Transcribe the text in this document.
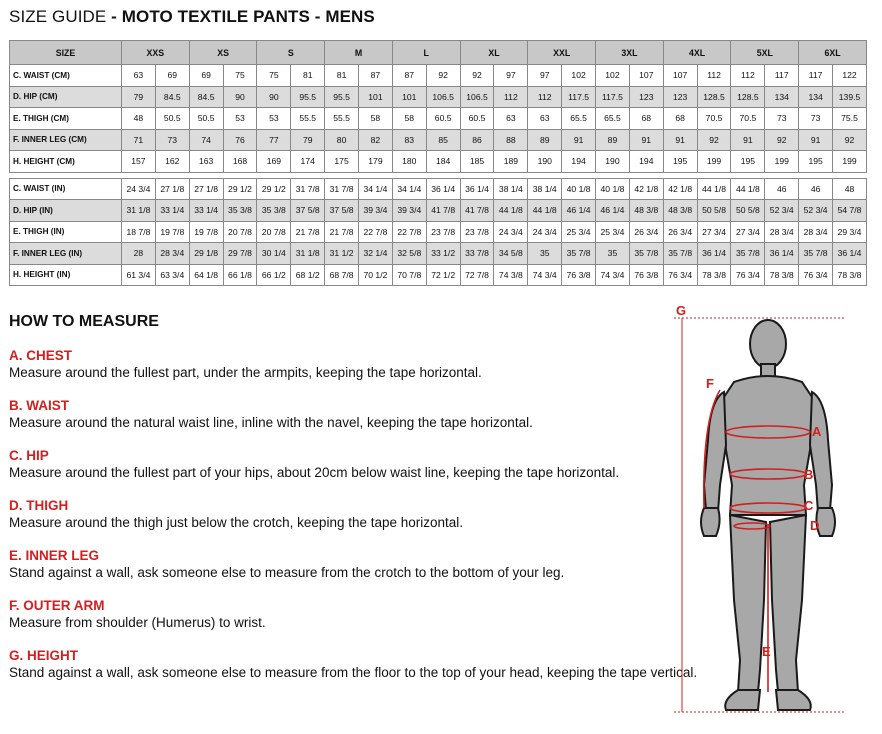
SIZE GUIDE - MOTO TEXTILE PANTS - MENS
SIZE	XXS		XS		S		M		L		XL		XXL		3XL		4XL		5XL		6XL	
C. WAIST (CM)	63	69	69	75	75	81	81	87	87	92	92	97	97	102	102	107	107	112	112	117	117	122
D. HIP (CM)	79	84.5	84.5	90	90	95.5	95.5	101	101	106.5	106.5	112	112	117.5	117.5	123	123	128.5	128.5	134	134	139.5
E. THIGH (CM)	48	50.5	50.5	53	53	55.5	55.5	58	58	60.5	60.5	63	63	65.5	65.5	68	68	70.5	70.5	73	73	75.5
F. INNER LEG (CM)	71	73	74	76	77	79	80	82	83	85	86	88	89	91	89	91	91	92	91	92	91	92
H. HEIGHT (CM)	157	162	163	168	169	174	175	179	180	184	185	189	190	194	190	194	195	199	195	199	195	199

C. WAIST (IN)	24 3/4	27 1/8	27 1/8	29 1/2	29 1/2	31 7/8	31 7/8	34 1/4	34 1/4	36 1/4	36 1/4	38 1/4	38 1/4	40 1/8	40 1/8	42 1/8	42 1/8	44 1/8	44 1/8	46	46	48
D. HIP (IN)	31 1/8	33 1/4	33 1/4	35 3/8	35 3/8	37 5/8	37 5/8	39 3/4	39 3/4	41 7/8	41 7/8	44 1/8	44 1/8	46 1/4	46 1/4	48 3/8	48 3/8	50 5/8	50 5/8	52 3/4	52 3/4	54 7/8
E. THIGH (IN)	18 7/8	19 7/8	19 7/8	20 7/8	20 7/8	21 7/8	21 7/8	22 7/8	22 7/8	23 7/8	23 7/8	24 3/4	24 3/4	25 3/4	25 3/4	26 3/4	26 3/4	27 3/4	27 3/4	28 3/4	28 3/4	29 3/4
F. INNER LEG (IN)	28	28 3/4	29 1/8	29 7/8	30 1/4	31 1/8	31 1/2	32 1/4	32 5/8	33 1/2	33 7/8	34 5/8	35	35 7/8	35	35 7/8	35 7/8	36 1/4	35 7/8	36 1/4	35 7/8	36 1/4
H. HEIGHT (IN)	61 3/4	63 3/4	64 1/8	66 1/8	66 1/2	68 1/2	68 7/8	70 1/2	70 7/8	72 1/2	72 7/8	74 3/8	74 3/4	76 3/8	74 3/4	76 3/8	76 3/4	78 3/8	76 3/4	78 3/8	76 3/4	78 3/8
HOW TO MEASURE
A. CHEST
Measure around the fullest part, under the armpits, keeping the tape horizontal.
B. WAIST
Measure around the natural waist line, inline with the navel, keeping the tape horizontal.
C. HIP
Measure around the fullest part of your hips, about 20cm below waist line, keeping the tape horizontal.
D. THIGH
Measure around the thigh just below the crotch, keeping the tape horizontal.
E. INNER LEG
Stand against a wall, ask someone else to measure from the crotch to the bottom of your leg.
F. OUTER ARM
Measure from shoulder (Humerus) to wrist.
G. HEIGHT
Stand against a wall, ask someone else to measure from the floor to the top of your head, keeping the tape vertical.
G
F
A
B
C
D
E
